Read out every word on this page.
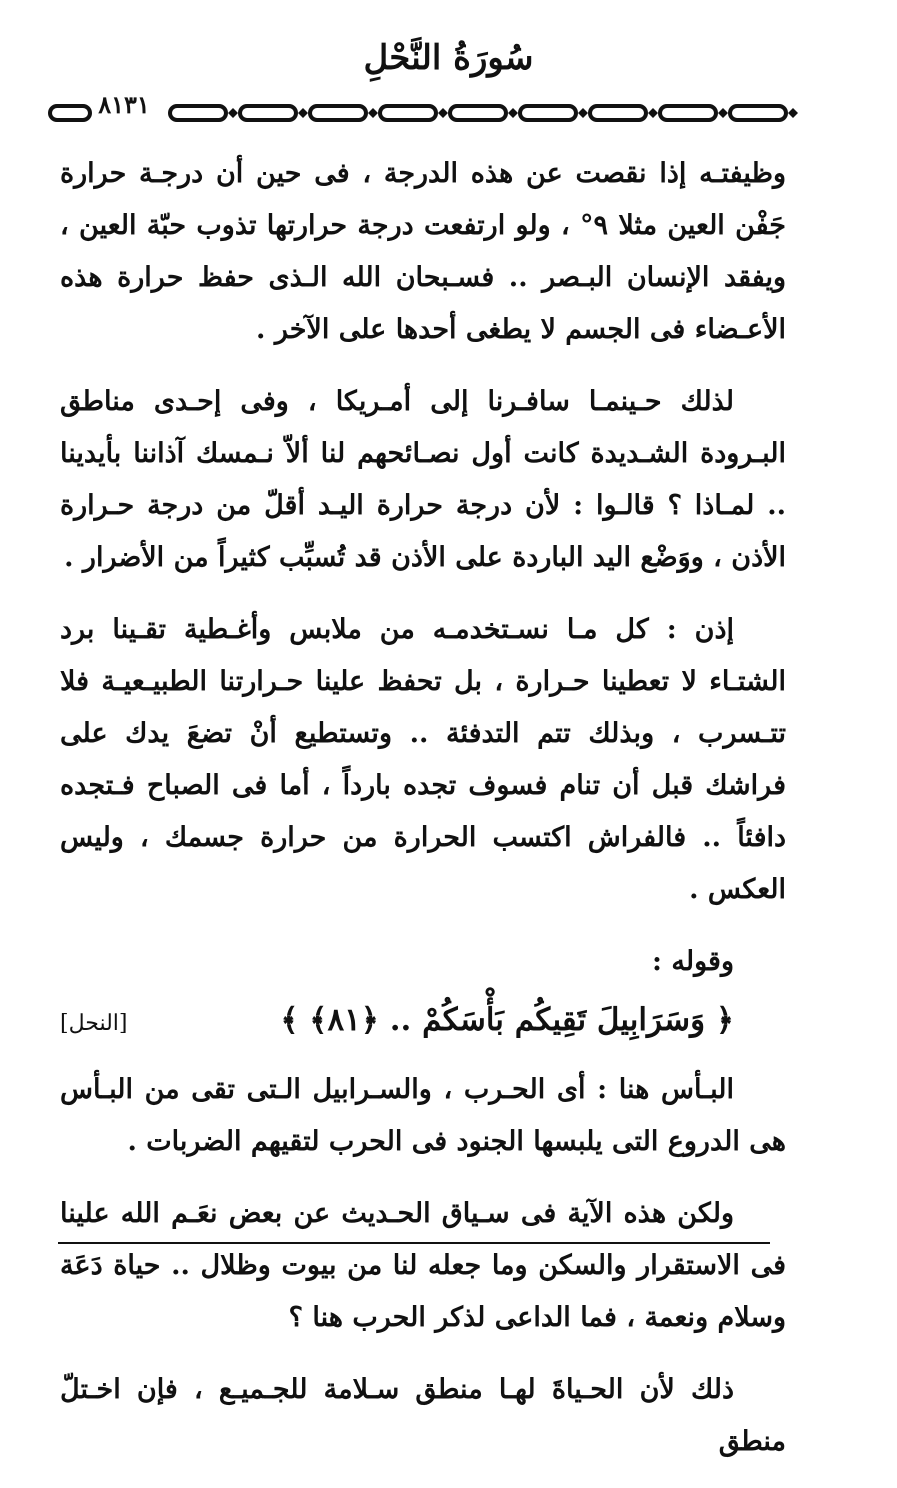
سُورَةُ النَّحْلِ
٨١٣١

وظيفتـه إذا نقصت عن هذه الدرجة ، فى حين أن درجـة حرارة جَفْن العين مثلا ٩° ، ولو ارتفعت درجة حرارتها تذوب حبّة العين ، ويفقد الإنسان البـصر .. فسـبحان الله الـذى حفظ حرارة هذه الأعـضاء فى الجسم لا يطغى أحدها على الآخر .

لذلك حـينمـا سافـرنا إلى أمـريكا ، وفى إحـدى مناطق البـرودة الشـديدة كانت أول نصـائحهم لنا ألاّ نـمسك آذاننا بأيدينا .. لمـاذا ؟ قالـوا : لأن درجة حرارة اليـد أقلّ من درجة حـرارة الأذن ، ووَضْع اليد الباردة على الأذن قد تُسبِّب كثيراً من الأضرار .

إذن : كل مـا نسـتخدمـه من ملابس وأغـطية تقـينا برد الشتـاء لا تعطينا حـرارة ، بل تحفظ علينا حـرارتنا الطبيـعيـة فلا تتـسرب ، وبذلك تتم التدفئة .. وتستطيع أنْ تضعَ يدك على فراشك قبل أن تنام فسوف تجده بارداً ، أما فى الصباح فـتجده دافئاً .. فالفراش اكتسب الحرارة من حرارة جسمك ، وليس العكس .

وقوله :

﴿ وَسَرَابِيلَ تَقِيكُم بَأْسَكُمْ .. ﴿٨١﴾ ﴾
[النحل]

البـأس هنا : أى الحـرب ، والسـرابيل الـتى تقى من البـأس هى الدروع التى يلبسها الجنود فى الحرب لتقيهم الضربات .

ولكن هذه الآية فى سـياق الحـديث عن بعض نعَـم الله علينا فى الاستقرار والسكن وما جعله لنا من بيوت وظلال .. حياة دَعَة وسلام ونعمة ، فما الداعى لذكر الحرب هنا ؟

ذلك لأن الحـياةَ لهـا منطق سـلامة للجـميـع ، فإن اخـتلّ منطق
